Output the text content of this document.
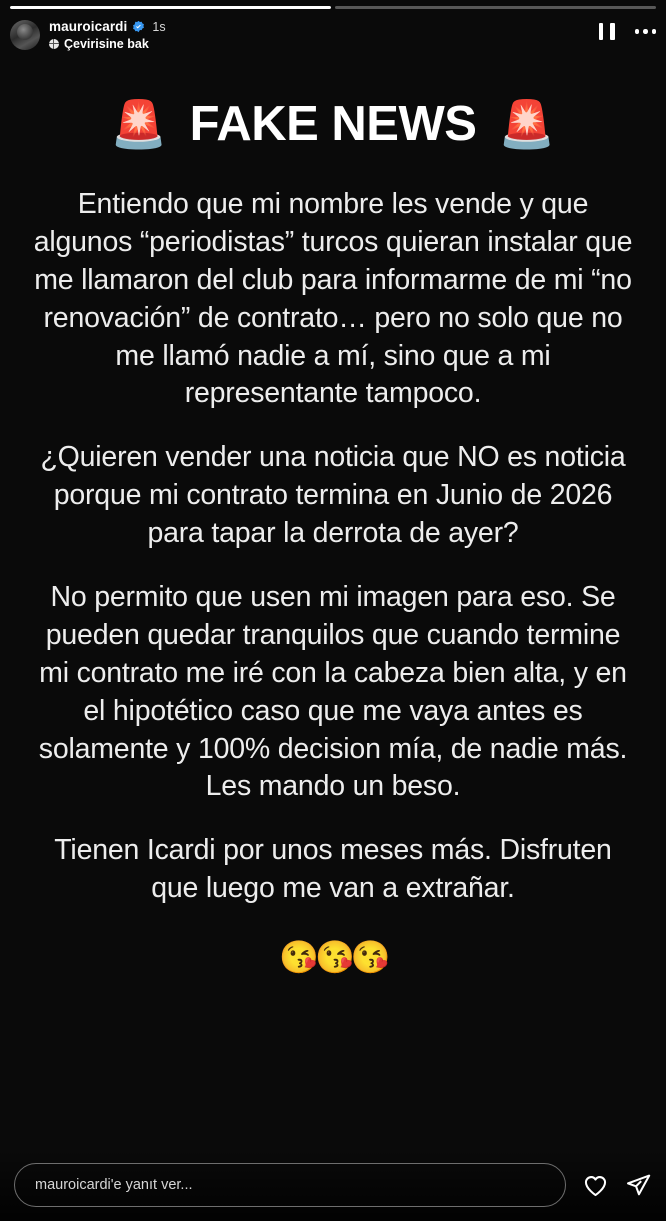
mauroicardi 1s
Çevirisine bak
🚨 FAKE NEWS 🚨

Entiendo que mi nombre les vende y que algunos “periodistas” turcos quieran instalar que me llamaron del club para informarme de mi “no renovación” de contrato… pero no solo que no me llamó nadie a mí, sino que a mi representante tampoco.

¿Quieren vender una noticia que NO es noticia porque mi contrato termina en Junio de 2026 para tapar la derrota de ayer?

No permito que usen mi imagen para eso. Se pueden quedar tranquilos que cuando termine mi contrato me iré con la cabeza bien alta, y en el hipotético caso que me vaya antes es solamente y 100% decision mía, de nadie más. Les mando un beso.

Tienen Icardi por unos meses más. Disfruten que luego me van a extrañar.

😘😘😘
mauroicardi'e yanıt ver...
